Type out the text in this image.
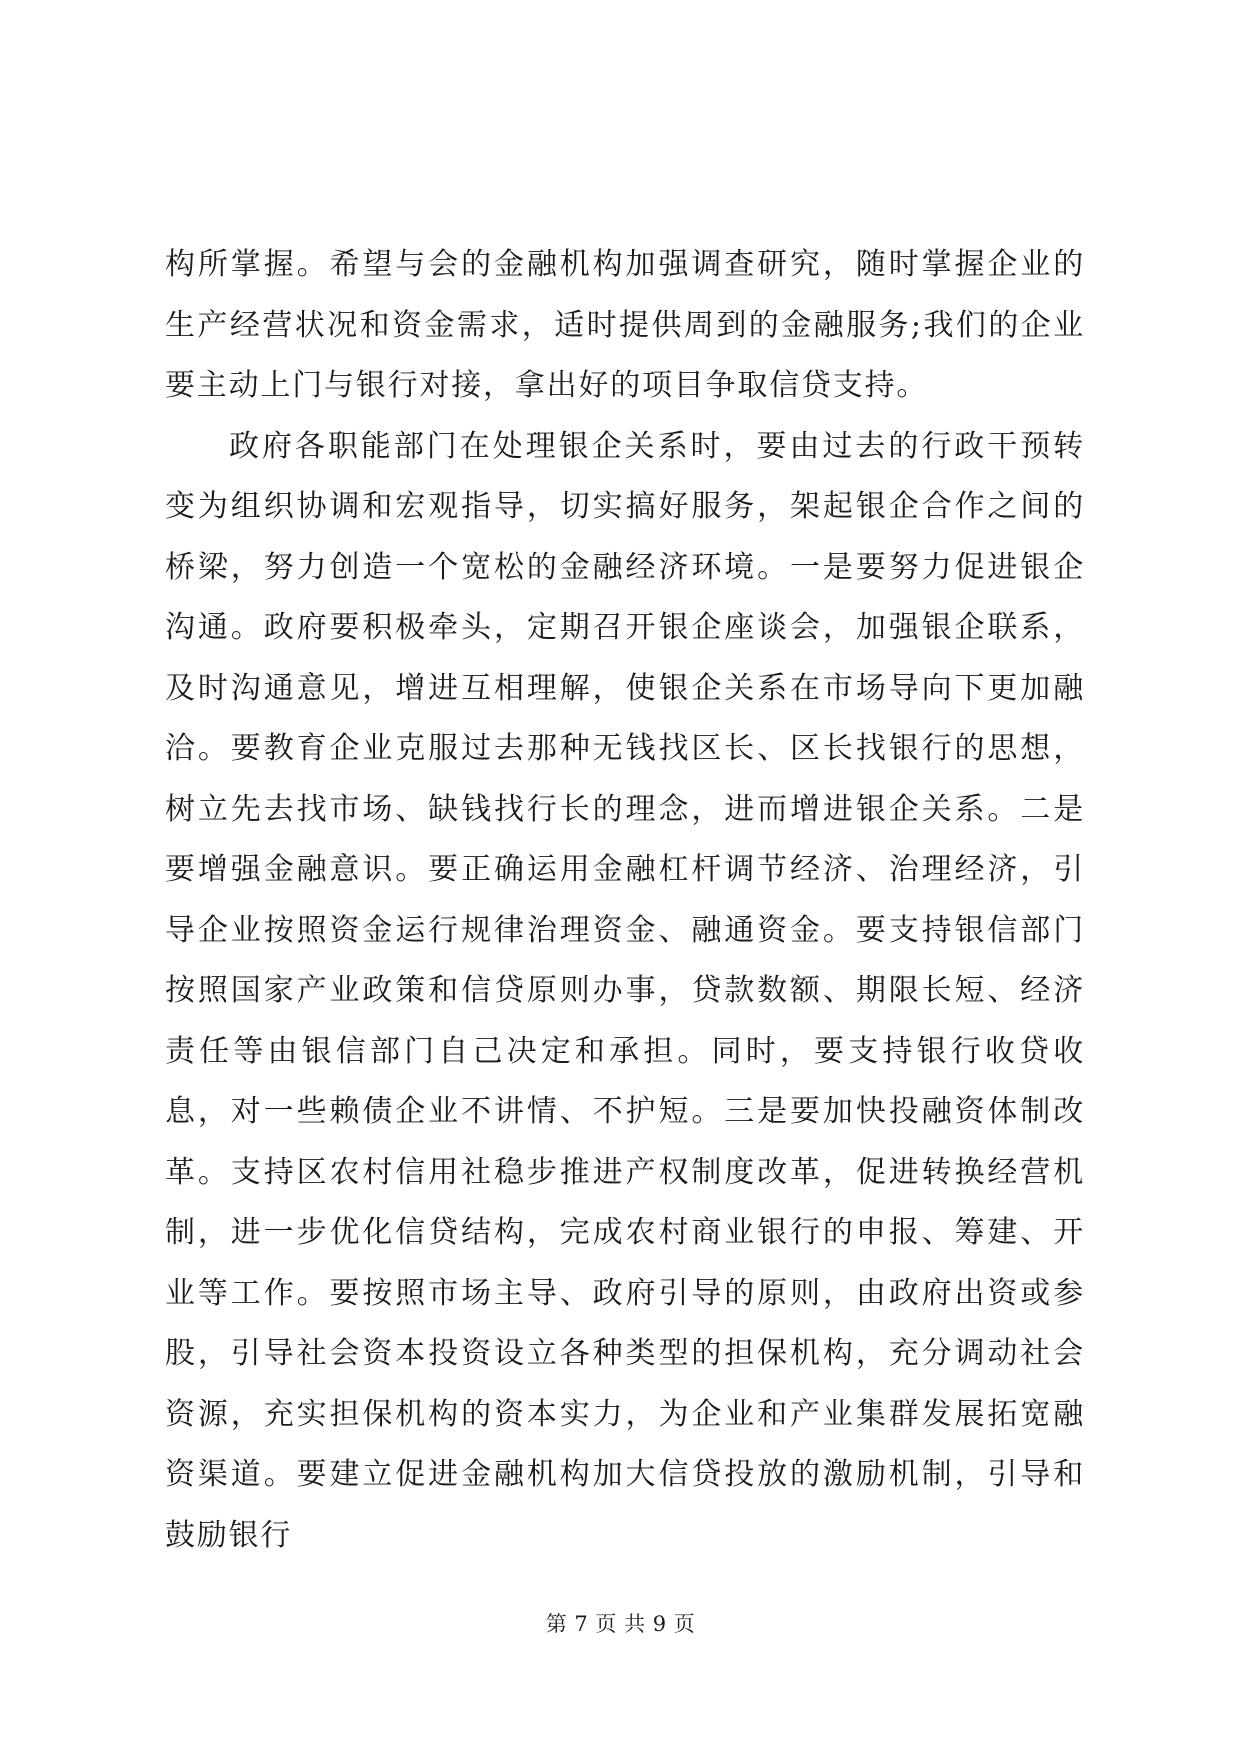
构所掌握。希望与会的金融机构加强调查研究，随时掌握企业的生产经营状况和资金需求，适时提供周到的金融服务;我们的企业要主动上门与银行对接，拿出好的项目争取信贷支持。

政府各职能部门在处理银企关系时，要由过去的行政干预转变为组织协调和宏观指导，切实搞好服务，架起银企合作之间的桥梁，努力创造一个宽松的金融经济环境。一是要努力促进银企沟通。政府要积极牵头，定期召开银企座谈会，加强银企联系，及时沟通意见，增进互相理解，使银企关系在市场导向下更加融洽。要教育企业克服过去那种无钱找区长、区长找银行的思想，树立先去找市场、缺钱找行长的理念，进而增进银企关系。二是要增强金融意识。要正确运用金融杠杆调节经济、治理经济，引导企业按照资金运行规律治理资金、融通资金。要支持银信部门按照国家产业政策和信贷原则办事，贷款数额、期限长短、经济责任等由银信部门自己决定和承担。同时，要支持银行收贷收息，对一些赖债企业不讲情、不护短。三是要加快投融资体制改革。支持区农村信用社稳步推进产权制度改革，促进转换经营机制，进一步优化信贷结构，完成农村商业银行的申报、筹建、开业等工作。要按照市场主导、政府引导的原则，由政府出资或参股，引导社会资本投资设立各种类型的担保机构，充分调动社会资源，充实担保机构的资本实力，为企业和产业集群发展拓宽融资渠道。要建立促进金融机构加大信贷投放的激励机制，引导和鼓励银行

第 7 页 共 9 页
